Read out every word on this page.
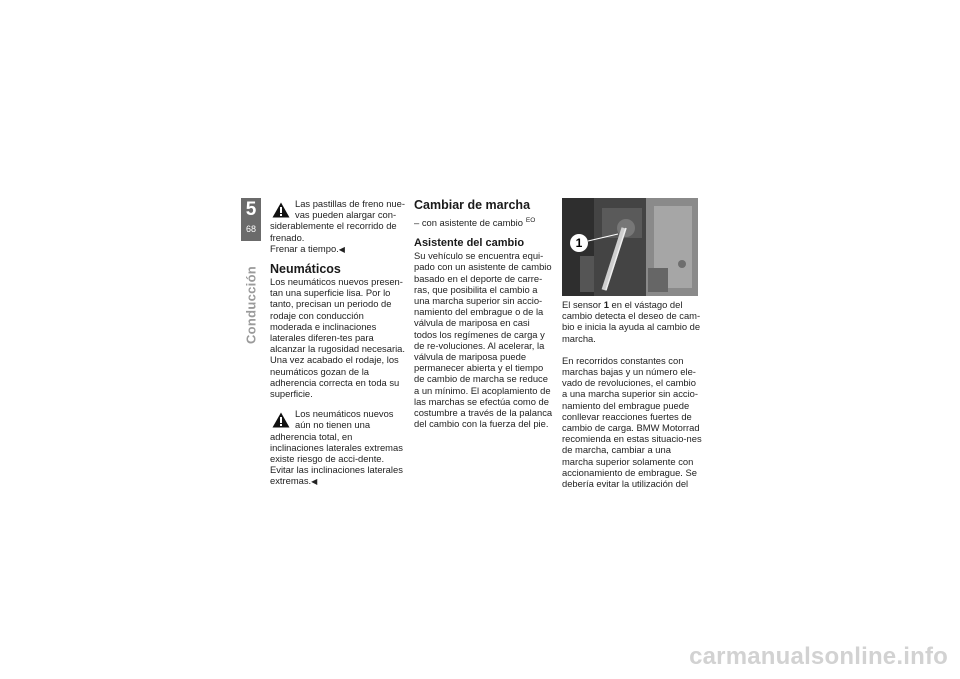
5
68
Conducción

Las pastillas de freno nue-vas pueden alargar con-siderablemente el recorrido de frenado.

Frenar a tiempo.◀

Neumáticos

Los neumáticos nuevos presen-tan una superficie lisa. Por lo tanto, precisan un periodo de rodaje con conducción moderada e inclinaciones laterales diferen-tes para alcanzar la rugosidad necesaria. Una vez acabado el rodaje, los neumáticos gozan de la adherencia correcta en toda su superficie.

Los neumáticos nuevos aún no tienen una adherencia total, en inclinaciones laterales extremas existe riesgo de acci-dente.

Evitar las inclinaciones laterales extremas.◀

Cambiar de marcha

– con asistente de cambio $^{EO}$

Asistente del cambio

Su vehículo se encuentra equi-pado con un asistente de cambio basado en el deporte de carre-ras, que posibilita el cambio a una marcha superior sin accio-namiento del embrague o de la válvula de mariposa en casi todos los regímenes de carga y de re-voluciones. Al acelerar, la válvula de mariposa puede permanecer abierta y el tiempo de cambio de marcha se reduce a un mínimo. El acoplamiento de las marchas se efectúa como de costumbre a través de la palanca del cambio con la fuerza del pie.

1

El sensor 1 en el vástago del cambio detecta el deseo de cam-bio e inicia la ayuda al cambio de marcha.

En recorridos constantes con marchas bajas y un número ele-vado de revoluciones, el cambio a una marcha superior sin accio-namiento del embrague puede conllevar reacciones fuertes de cambio de carga. BMW Motorrad recomienda en estas situacio-nes de marcha, cambiar a una marcha superior solamente con accionamiento de embrague. Se debería evitar la utilización del

carmanualsonline.info
